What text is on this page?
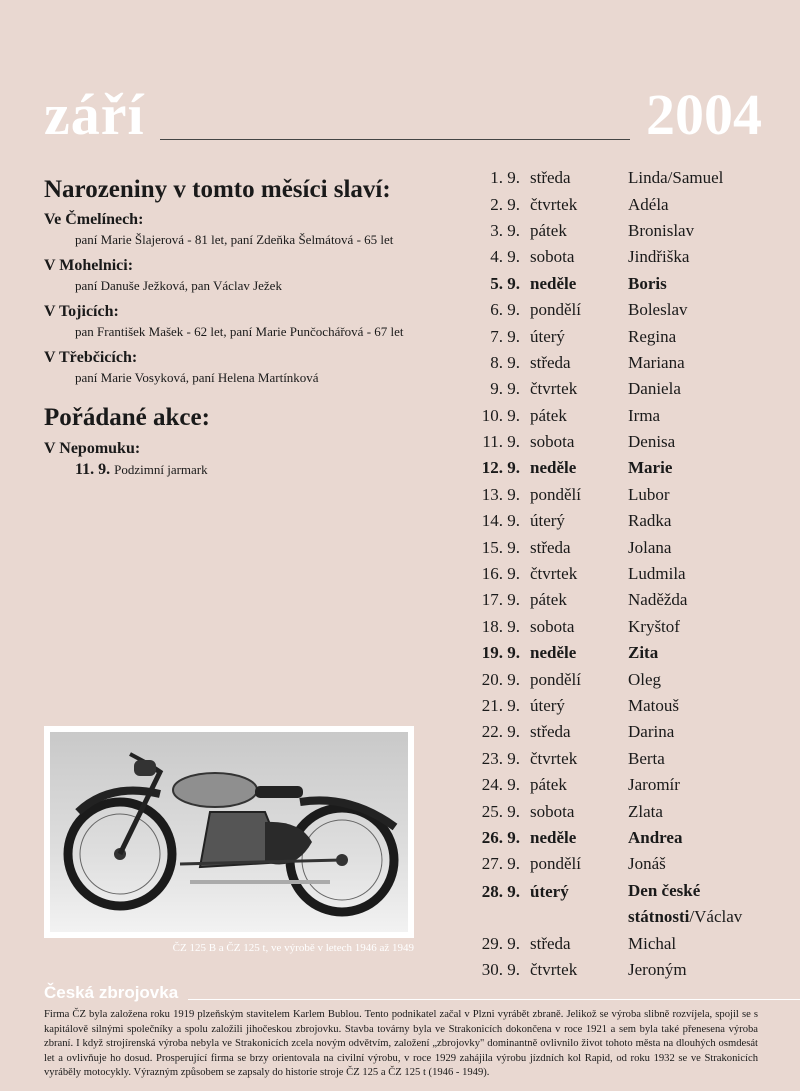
září	2004
Narozeniny v tomto měsíci slaví:
Ve Čmelínech:
paní Marie Šlajerová - 81 let, paní Zdeňka Šelmátová - 65 let
V Mohelnici:
paní Danuše Ježková, pan Václav Ježek
V Tojicích:
pan František Mašek - 62 let, paní Marie Punčochářová - 67 let
V Třebčicích:
paní Marie Vosyková, paní Helena Martínková
Pořádané akce:
V Nepomuku:
11. 9. Podzimní jarmark
1. 9. středa	Linda/Samuel
2. 9. čtvrtek	Adéla
3. 9. pátek	Bronislav
4. 9. sobota	Jindřiška
5. 9. neděle	Boris
6. 9. pondělí	Boleslav
7. 9. úterý	Regina
8. 9. středa	Mariana
9. 9. čtvrtek	Daniela
10. 9. pátek	Irma
11. 9. sobota	Denisa
12. 9. neděle	Marie
13. 9. pondělí	Lubor
14. 9. úterý	Radka
15. 9. středa	Jolana
16. 9. čtvrtek	Ludmila
17. 9. pátek	Naděžda
18. 9. sobota	Kryštof
19. 9. neděle	Zita
20. 9. pondělí	Oleg
21. 9. úterý	Matouš
22. 9. středa	Darina
23. 9. čtvrtek	Berta
24. 9. pátek	Jaromír
25. 9. sobota	Zlata
26. 9. neděle	Andrea
27. 9. pondělí	Jonáš
28. 9. úterý	Den české
státnosti/Václav
29. 9. středa	Michal
30. 9. čtvrtek	Jeroným
ČZ 125 B a ČZ 125 t, ve výrobě v letech 1946 až 1949
Česká zbrojovka
Firma ČZ byla založena roku 1919 plzeňským stavitelem Karlem Bublou. Tento podnikatel začal v Plzni vyrábět zbraně. Jelikož se výroba slibně rozvíjela, spojil se s kapitálově silnými společníky a spolu založili jihočeskou zbrojovku. Stavba továrny byla ve Strakonicích dokončena v roce 1921 a sem byla také přenesena výroba zbraní. I když strojírenská výroba nebyla ve Strakonicích zcela novým odvětvím, založení „zbrojovky" dominantně ovlivnilo život tohoto města na dlouhých osmdesát let a ovlivňuje ho dosud. Prosperující firma se brzy orientovala na civilní výrobu, v roce 1929 zahájila výrobu jízdních kol Rapid, od roku 1932 se ve Strakonicích vyráběly motocykly. Výrazným způsobem se zapsaly do historie stroje ČZ 125 a ČZ 125 t (1946 - 1949).
